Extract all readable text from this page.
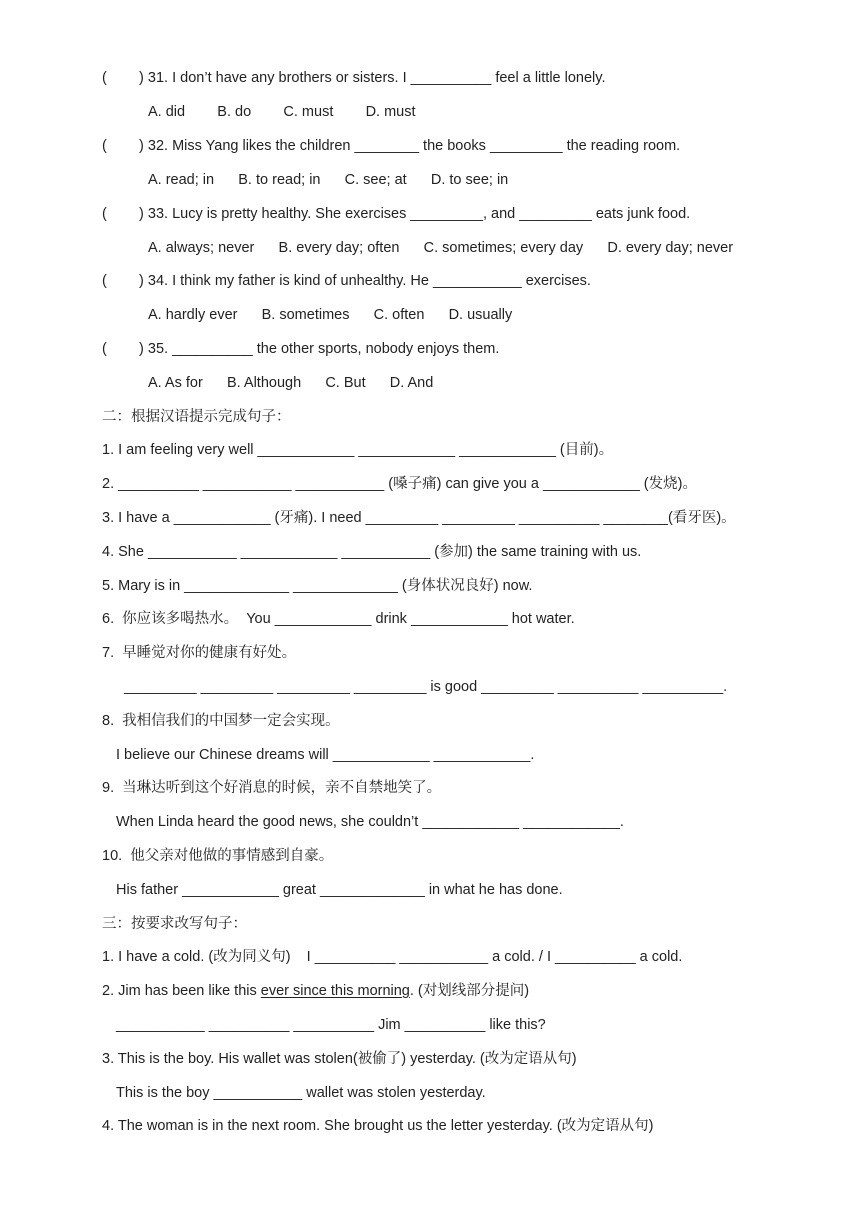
(        ) 31. I don’t have any brothers or sisters. I __________ feel a little lonely.
A. did        B. do        C. must        D. must
(        ) 32. Miss Yang likes the children ________ the books _________ the reading room.
A. read; in      B. to read; in      C. see; at      D. to see; in
(        ) 33. Lucy is pretty healthy. She exercises _________, and _________ eats junk food.
A. always; never      B. every day; often      C. sometimes; every day      D. every day; never
(        ) 34. I think my father is kind of unhealthy. He ___________ exercises.
A. hardly ever      B. sometimes      C. often      D. usually
(        ) 35. __________ the other sports, nobody enjoys them.
A. As for      B. Although      C. But      D. And
二：根据汉语提示完成句子：
1. I am feeling very well ____________ ____________ ____________ (目前)。
2. __________ ___________ ___________ (嗓子痛) can give you a ____________ (发烧)。
3. I have a ____________ (牙痛). I need _________ _________ __________ ________(看牙医)。
4. She ___________ ____________ ___________ (参加) the same training with us.
5. Mary is in _____________ _____________ (身体状况良好) now.
6.  你应该多喝热水。  You ____________ drink ____________ hot water.
7.  早睡觉对你的健康有好处。
_________ _________ _________ _________ is good _________ __________ __________.
8.  我相信我们的中国梦一定会实现。
I believe our Chinese dreams will ____________ ____________.
9.  当琳达听到这个好消息的时候，亲不自禁地笑了。
When Linda heard the good news, she couldn’t ____________ ____________.
10.  他父亲对他做的事情感到自豪。
His father ____________ great _____________ in what he has done.
三：按要求改写句子：
1. I have a cold. (改为同义句)    I __________ ___________ a cold. / I __________ a cold.
2. Jim has been like this ever since this morning. (对划线部分提问)
___________ __________ __________ Jim __________ like this?
3. This is the boy. His wallet was stolen(被偷了) yesterday. (改为定语从句)
This is the boy ___________ wallet was stolen yesterday.
4. The woman is in the next room. She brought us the letter yesterday. (改为定语从句)
